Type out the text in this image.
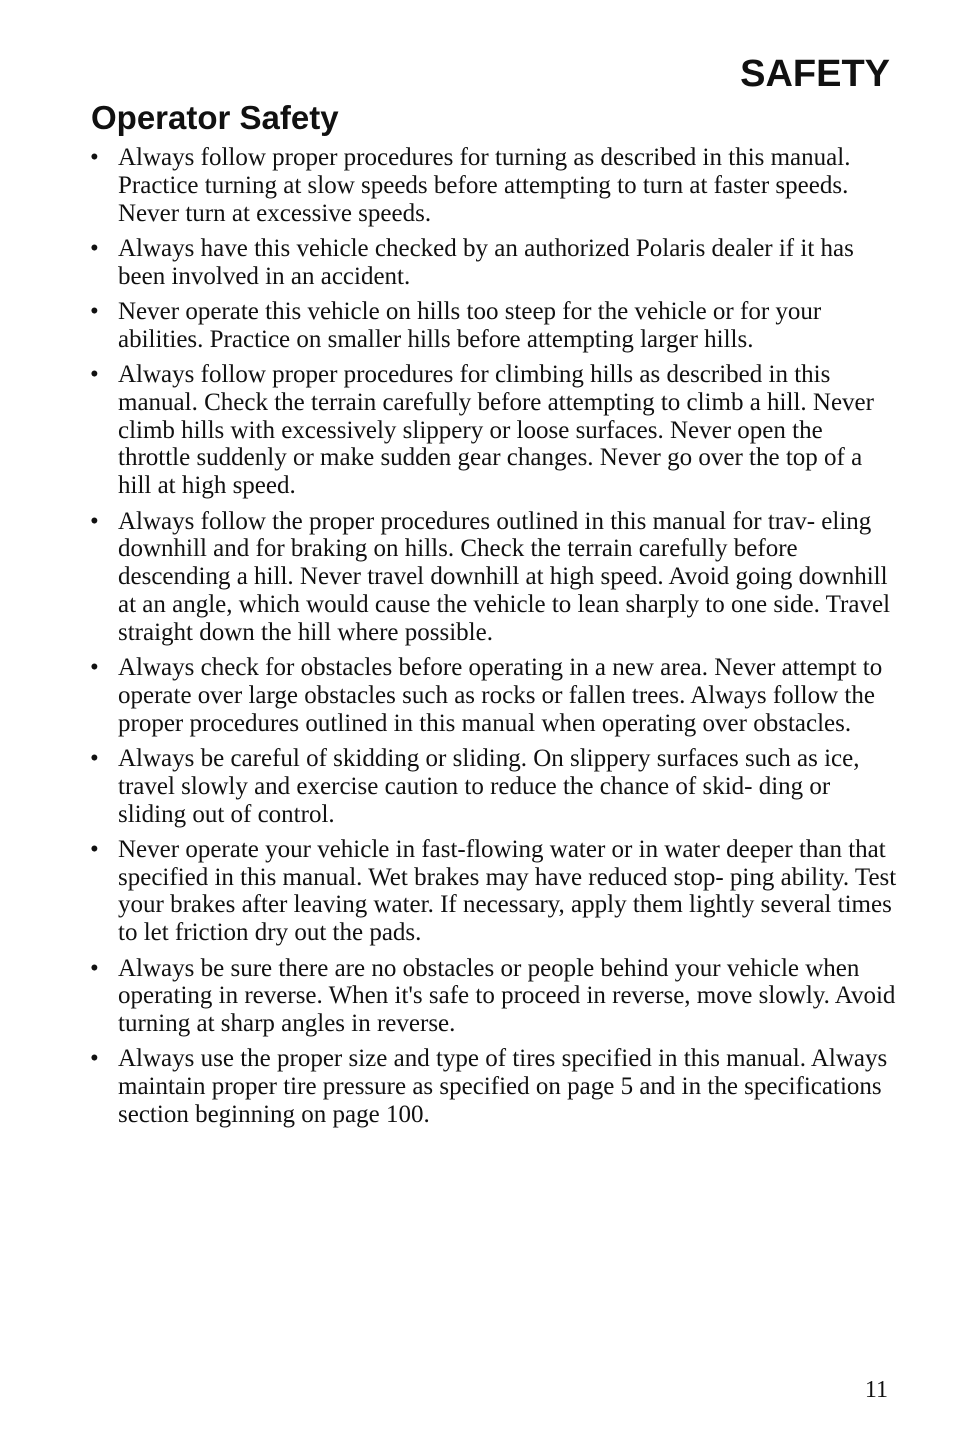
SAFETY
Operator Safety
• Always follow proper procedures for turning as described in this manual. Practice turning at slow speeds before attempting to turn at faster speeds. Never turn at excessive speeds.
• Always have this vehicle checked by an authorized Polaris dealer if it has been involved in an accident.
• Never operate this vehicle on hills too steep for the vehicle or for your abilities. Practice on smaller hills before attempting larger hills.
• Always follow proper procedures for climbing hills as described in this manual. Check the terrain carefully before attempting to climb a hill. Never climb hills with excessively slippery or loose surfaces. Never open the throttle suddenly or make sudden gear changes. Never go over the top of a hill at high speed.
• Always follow the proper procedures outlined in this manual for trav- eling downhill and for braking on hills. Check the terrain carefully before descending a hill. Never travel downhill at high speed. Avoid going downhill at an angle, which would cause the vehicle to lean sharply to one side. Travel straight down the hill where possible.
• Always check for obstacles before operating in a new area. Never attempt to operate over large obstacles such as rocks or fallen trees. Always follow the proper procedures outlined in this manual when operating over obstacles.
• Always be careful of skidding or sliding. On slippery surfaces such as ice, travel slowly and exercise caution to reduce the chance of skid- ding or sliding out of control.
• Never operate your vehicle in fast-flowing water or in water deeper than that specified in this manual. Wet brakes may have reduced stop- ping ability. Test your brakes after leaving water. If necessary, apply them lightly several times to let friction dry out the pads.
• Always be sure there are no obstacles or people behind your vehicle when operating in reverse. When it's safe to proceed in reverse, move slowly. Avoid turning at sharp angles in reverse.
• Always use the proper size and type of tires specified in this manual. Always maintain proper tire pressure as specified on page 5 and in the specifications section beginning on page 100.
11
